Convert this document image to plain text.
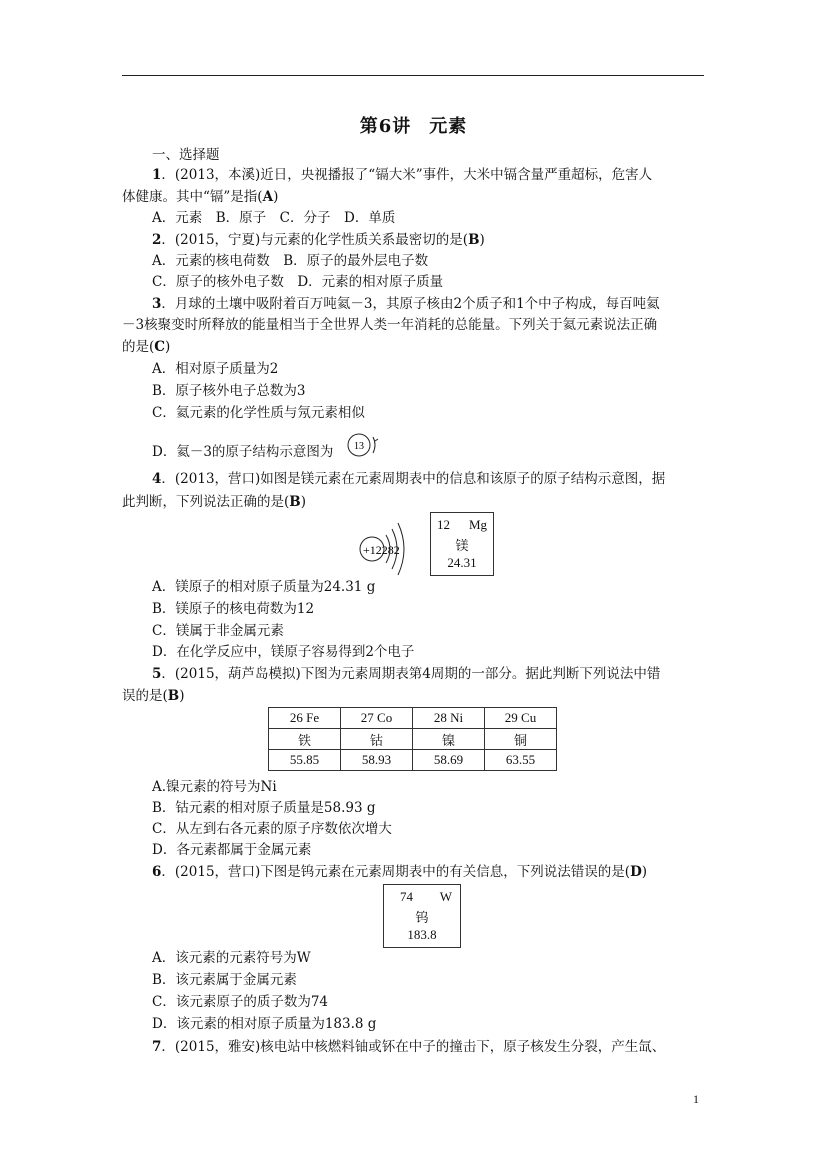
第6讲 元素
一、选择题
1．(2013，本溪)近日，央视播报了“镉大米”事件，大米中镉含量严重超标，危害人
体健康。其中“镉”是指(A)
A．元素　B．原子　C．分子　D．单质
2．(2015，宁夏)与元素的化学性质关系最密切的是(B)
A．元素的核电荷数　B．原子的最外层电子数
C．原子的核外电子数　D．元素的相对原子质量
3．月球的土壤中吸附着百万吨氦－3，其原子核由2个质子和1个中子构成，每百吨氦
－3核聚变时所释放的能量相当于全世界人类一年消耗的总能量。下列关于氦元素说法正确
的是(C)
A．相对原子质量为2
B．原子核外电子总数为3
C．氦元素的化学性质与氖元素相似
D．氦－3的原子结构示意图为 13
4．(2013，营口)如图是镁元素在元素周期表中的信息和该原子的原子结构示意图，据
此判断，下列说法正确的是(B)
+12282
12 Mg
镁
24.31
A．镁原子的相对原子质量为24.31 g
B．镁原子的核电荷数为12
C．镁属于非金属元素
D．在化学反应中，镁原子容易得到2个电子
5．(2015，葫芦岛模拟)下图为元素周期表第4周期的一部分。据此判断下列说法中错
误的是(B)
26 Fe	27 Co	28 Ni	29 Cu
铁	钴	镍	铜
55.85	58.93	58.69	63.55
A.镍元素的符号为Ni
B．钴元素的相对原子质量是58.93 g
C．从左到右各元素的原子序数依次增大
D．各元素都属于金属元素
6．(2015，营口)下图是钨元素在元素周期表中的有关信息，下列说法错误的是(D)
74 W
钨
183.8
A．该元素的元素符号为W
B．该元素属于金属元素
C．该元素原子的质子数为74
D．该元素的相对原子质量为183.8 g
7．(2015，雅安)核电站中核燃料铀或钚在中子的撞击下，原子核发生分裂，产生氙、
1
